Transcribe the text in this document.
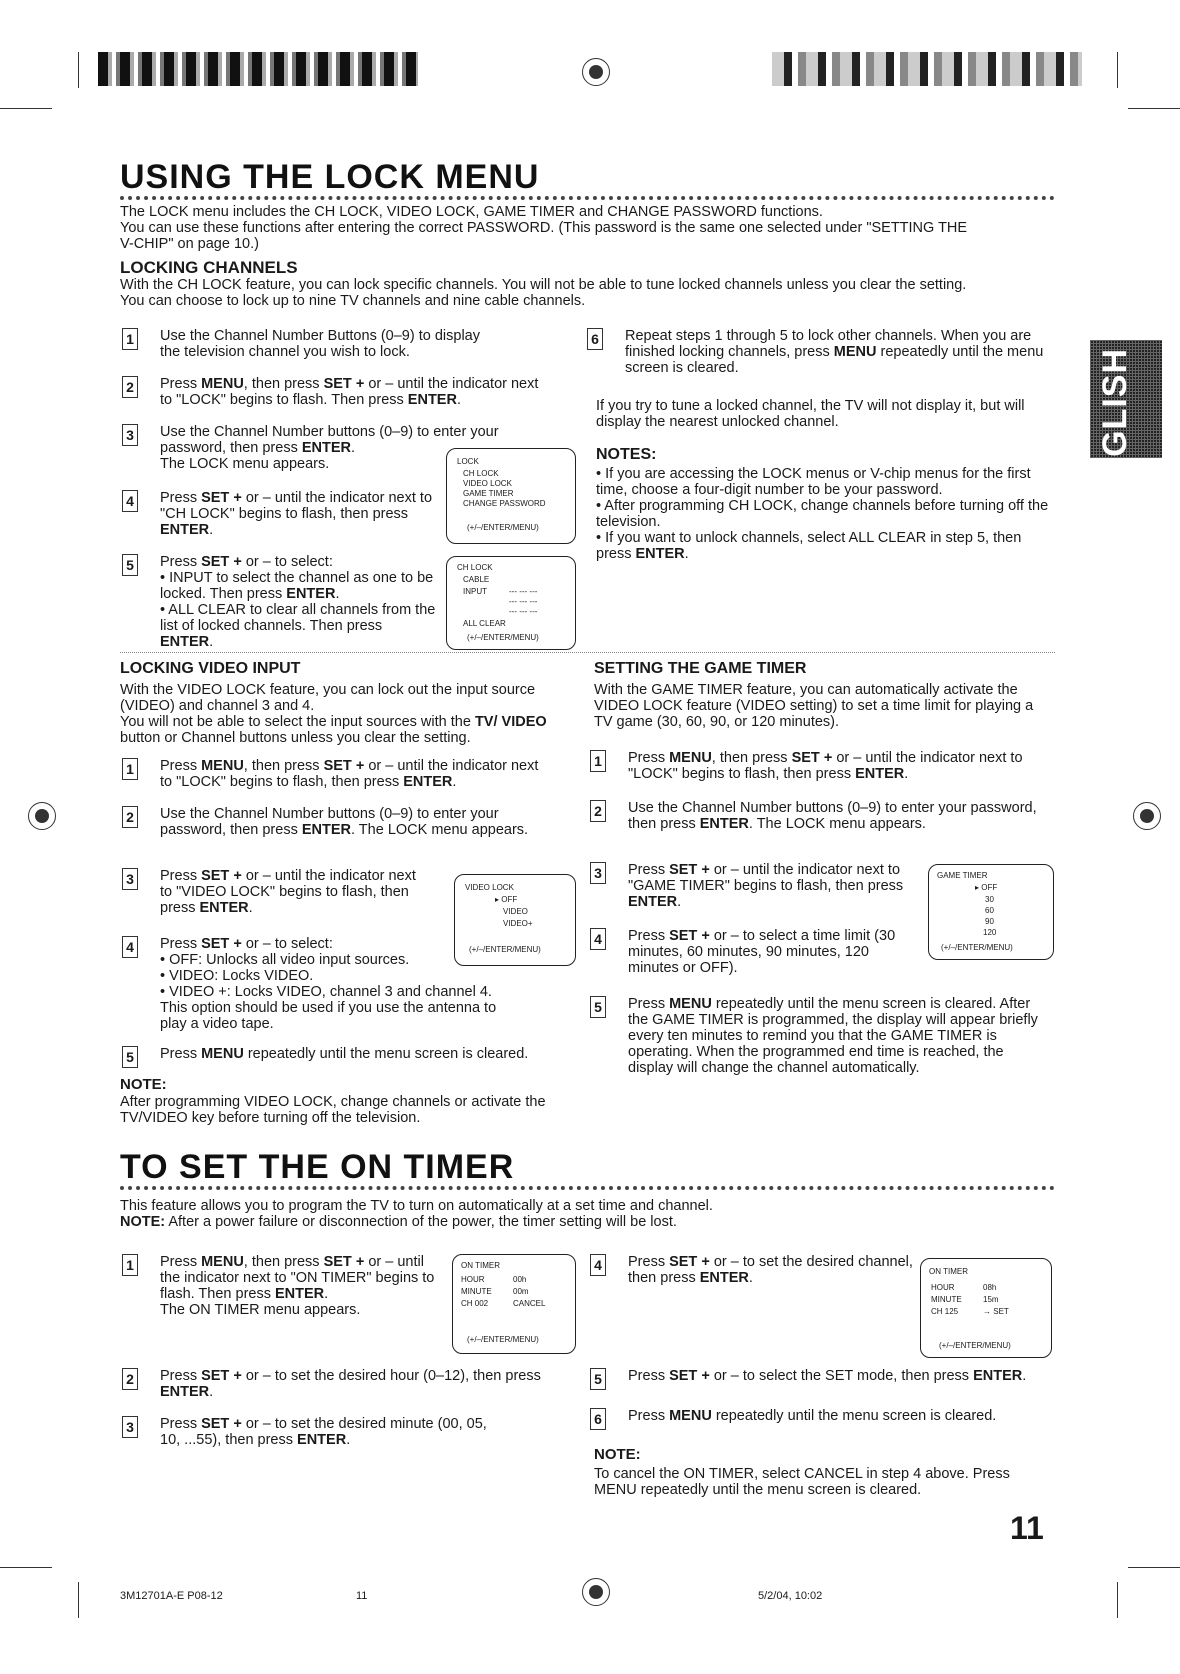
ENGLISH
USING THE LOCK MENU

The LOCK menu includes the CH LOCK, VIDEO LOCK, GAME TIMER and CHANGE PASSWORD functions.
You can use these functions after entering the correct PASSWORD. (This password is the same one selected under "SETTING THE
V-CHIP" on page 10.)

LOCKING CHANNELS

With the CH LOCK feature, you can lock specific channels. You will not be able to tune locked channels unless you clear the setting.
You can choose to lock up to nine TV channels and nine cable channels.

1 Use the Channel Number Buttons (0–9) to display the television channel you wish to lock.
2 Press MENU, then press SET + or – until the indicator next to "LOCK" begins to flash. Then press ENTER.
3 Use the Channel Number buttons (0–9) to enter your password, then press ENTER.
The LOCK menu appears.
4 Press SET + or – until the indicator next to "CH LOCK" begins to flash, then press ENTER.
5 Press SET + or – to select:
• INPUT to select the channel as one to be locked. Then press ENTER.
• ALL CLEAR to clear all channels from the list of locked channels. Then press
ENTER.
LOCK
CH LOCK
VIDEO LOCK
GAME TIMER
CHANGE PASSWORD
(+/–/ENTER/MENU)
CH LOCK
CABLE
INPUT	--- --- ---
--- --- ---
--- --- ---
ALL CLEAR
(+/–/ENTER/MENU)
6 Repeat steps 1 through 5 to lock other channels. When you are finished locking channels, press MENU repeatedly until the menu screen is cleared.

If you try to tune a locked channel, the TV will not display it, but will display the nearest unlocked channel.

NOTES:

• If you are accessing the LOCK menus or V-chip menus for the first time, choose a four-digit number to be your password.
• After programming CH LOCK, change channels before turning off the television.
• If you want to unlock channels, select ALL CLEAR in step 5, then press ENTER.

LOCKING VIDEO INPUT

With the VIDEO LOCK feature, you can lock out the input source (VIDEO) and channel 3 and 4.
You will not be able to select the input sources with the TV/ VIDEO button or Channel buttons unless you clear the setting.

1 Press MENU, then press SET + or – until the indicator next to "LOCK" begins to flash, then press ENTER.
2 Use the Channel Number buttons (0–9) to enter your password, then press ENTER. The LOCK menu appears.
3 Press SET + or – until the indicator next to "VIDEO LOCK" begins to flash, then press ENTER.
4 Press SET + or – to select:
• OFF: Unlocks all video input sources.
• VIDEO: Locks VIDEO.
• VIDEO +: Locks VIDEO, channel 3 and channel 4. This option should be used if you use the antenna to play a video tape.
5 Press MENU repeatedly until the menu screen is cleared.
NOTE:

After programming VIDEO LOCK, change channels or activate the TV/VIDEO key before turning off the television.

VIDEO LOCK
▸ OFF
VIDEO
VIDEO+
(+/–/ENTER/MENU)
SETTING THE GAME TIMER

With the GAME TIMER feature, you can automatically activate the VIDEO LOCK feature (VIDEO setting) to set a time limit for playing a TV game (30, 60, 90, or 120 minutes).

1 Press MENU, then press SET + or – until the indicator next to "LOCK" begins to flash, then press ENTER.
2 Use the Channel Number buttons (0–9) to enter your password, then press ENTER. The LOCK menu appears.
3 Press SET + or – until the indicator next to "GAME TIMER" begins to flash, then press ENTER.
4 Press SET + or – to select a time limit (30 minutes, 60 minutes, 90 minutes, 120 minutes or OFF).
5 Press MENU repeatedly until the menu screen is cleared. After the GAME TIMER is programmed, the display will appear briefly every ten minutes to remind you that the GAME TIMER is operating. When the programmed end time is reached, the display will change the channel automatically.
GAME TIMER
▸ OFF
30
60
90
120
(+/–/ENTER/MENU)
TO SET THE ON TIMER

This feature allows you to program the TV to turn on automatically at a set time and channel.
NOTE: After a power failure or disconnection of the power, the timer setting will be lost.

1 Press MENU, then press SET + or – until the indicator next to "ON TIMER" begins to flash. Then press ENTER.
The ON TIMER menu appears.
2 Press SET + or – to set the desired hour (0–12), then press ENTER.
3 Press SET + or – to set the desired minute (00, 05, 10, ...55), then press ENTER.
ON TIMER
HOUR	00h
MINUTE	00m
CH 002	CANCEL
(+/–/ENTER/MENU)
4 Press SET + or – to set the desired channel, then press ENTER.	ON TIMER
HOUR	08h
MINUTE	15m
CH 125	→ SET
(+/–/ENTER/MENU)
5 Press SET + or – to select the SET mode, then press ENTER.
6 Press MENU repeatedly until the menu screen is cleared.
NOTE:

To cancel the ON TIMER, select CANCEL in step 4 above. Press MENU repeatedly until the menu screen is cleared.

11
3M12701A-E P08-12	11	5/2/04, 10:02
